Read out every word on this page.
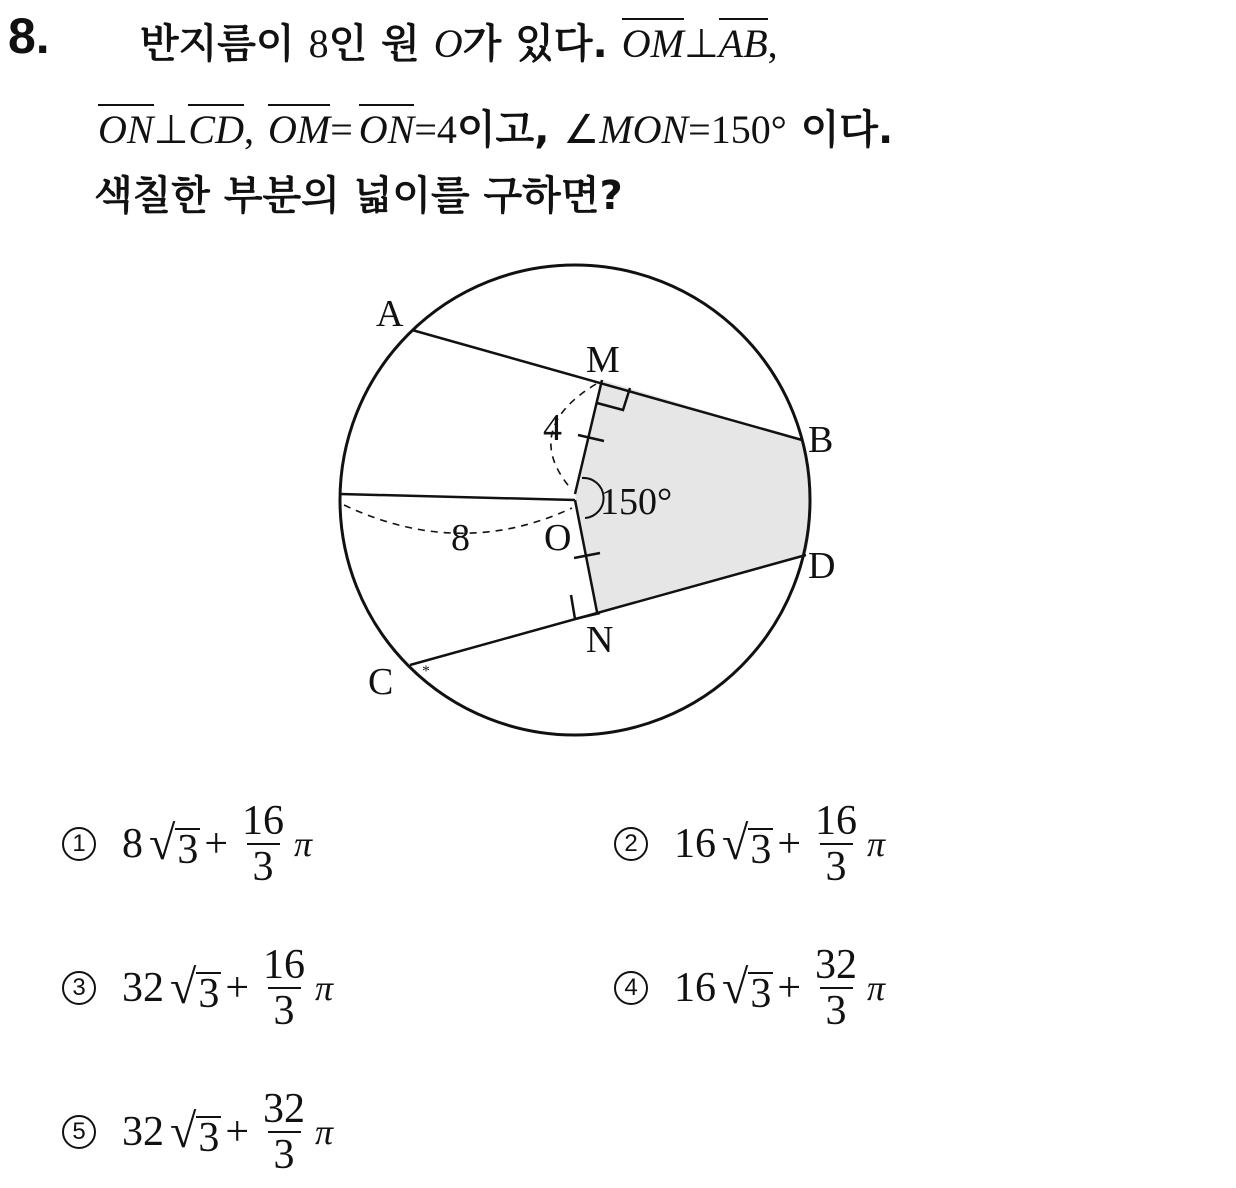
8. 반지름이 8인 원 O가 있다. OM⊥AB,
ON⊥CD, OM= ON=4이고, ∠MON=150° 이다.
색칠한 부분의 넓이를 구하면?
*
A
B
C
D
M
N
O
8
4
150°
1 8 √ $3 + \frac{16}{3}$ π	2 16 √ $3 + \frac{16}{3}$ π
3 32 √ $3 + \frac{16}{3}$ π	4 16 √ $3 + \frac{32}{3}$ π
5 32 √ $3 + \frac{32}{3}$ π
